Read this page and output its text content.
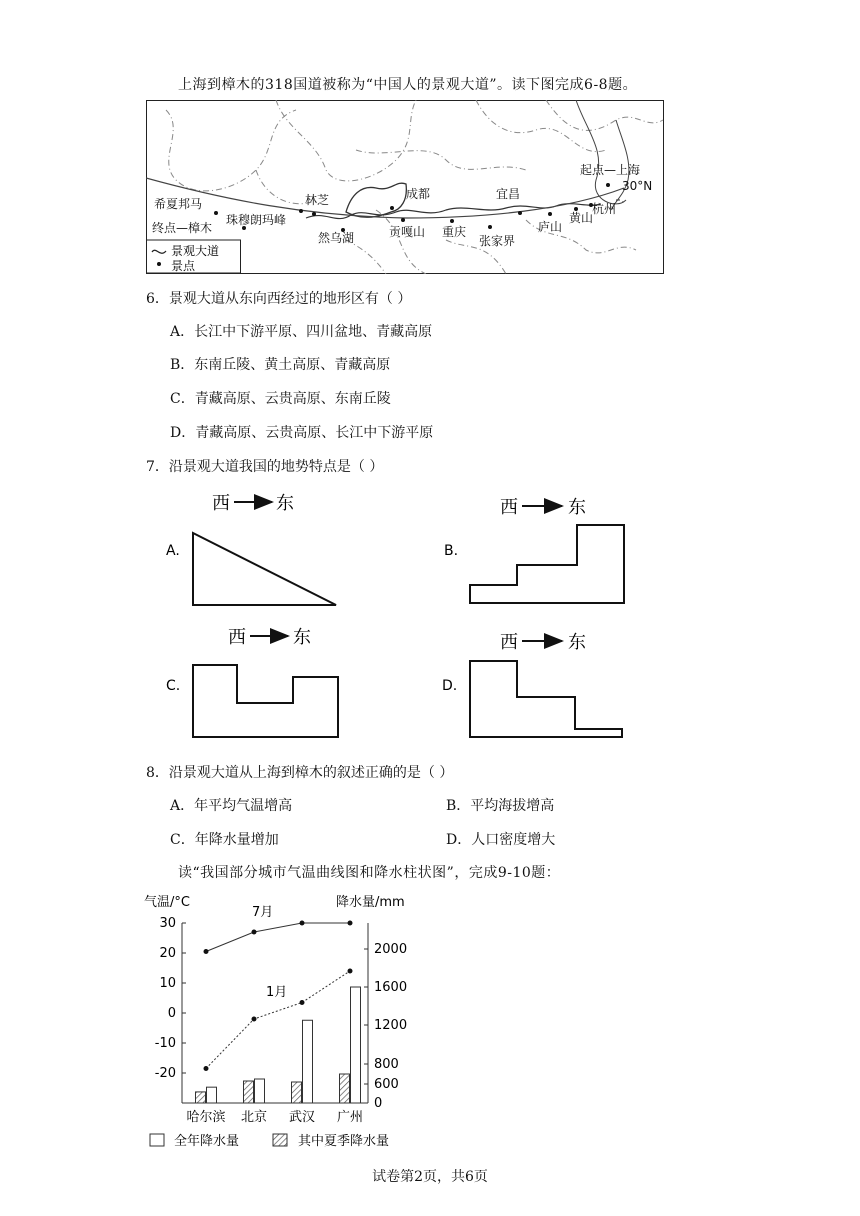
上海到樟木的318国道被称为“中国人的景观大道”。读下图完成6-8题。
起点—上海
30°N
杭州
黄山
庐山
宜昌
张家界
重庆
成都
贡嘎山
林芝
然乌湖
希夏邦马
珠穆朗玛峰
终点—樟木
景观大道
景点
6．景观大道从东向西经过的地形区有（ ）
A．长江中下游平原、四川盆地、青藏高原
B．东南丘陵、黄土高原、青藏高原
C．青藏高原、云贵高原、东南丘陵
D．青藏高原、云贵高原、长江中下游平原
7．沿景观大道我国的地势特点是（ ）
A.
西	东
B.
西	东
C.
西	东
D.
西	东
8．沿景观大道从上海到樟木的叙述正确的是（ ）
A．年平均气温增高	B．平均海拔增高
C．年降水量增加	D．人口密度增大
读“我国部分城市气温曲线图和降水柱状图”，完成9-10题：
气温/°C	降水量/mm
30
20
10
0
-10
-20
2000
1600
1200
800
600
0
哈尔滨 北京 武汉 广州
7月
1月
全年降水量	其中夏季降水量
试卷第2页，共6页
